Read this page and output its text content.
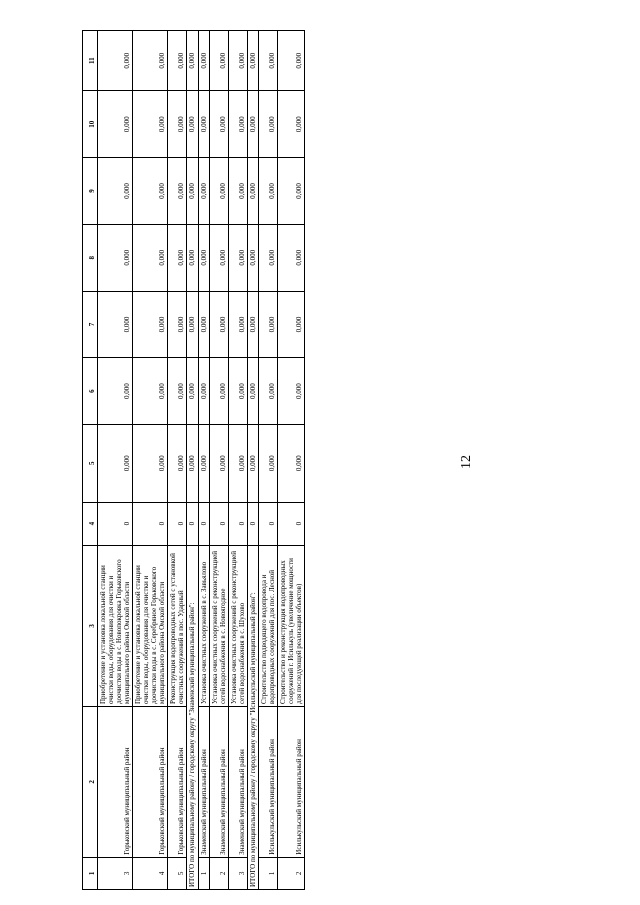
12
1	2	3	4	5	6	7	8	9	10	11
3	Горьковский муниципальный район	Приобретение и установка локальной станции очистки воды, оборудования для очистки и доочистки воды в с. Новопокровка Горьковского муниципального района Омской области	0	0,000	0,000	0,000	0,000	0,000	0,000	0,000
4	Горьковский муниципальный район	Приобретение и установка локальной станции очистки воды, оборудования для очистки и доочистки воды в с. Серебряное Горьковского муниципального района Омской области	0	0,000	0,000	0,000	0,000	0,000	0,000	0,000
5	Горьковский муниципальный район	Реконструкция водопроводных сетей с установкой очистных сооружений в пос. Ударный	0	0,000	0,000	0,000	0,000	0,000	0,000	0,000
ИТОГО по муниципальному району / городскому округу "Знаменский муниципальный район":			0	0,000	0,000	0,000	0,000	0,000	0,000	0,000
1	Знаменский муниципальный район	Установка очистных сооружений в с. Завьялово	0	0,000	0,000	0,000	0,000	0,000	0,000	0,000
2	Знаменский муниципальный район	Установка очистных сооружений с реконструкцией сетей водоснабжения в с. Новоягодное	0	0,000	0,000	0,000	0,000	0,000	0,000	0,000
3	Знаменский муниципальный район	Установка очистных сооружений с реконструкцией сетей водоснабжения в с. Шухово	0	0,000	0,000	0,000	0,000	0,000	0,000	0,000
ИТОГО по муниципальному району / городскому округу "Исилькульский муниципальный район":			0	0,000	0,000	0,000	0,000	0,000	0,000	0,000
1	Исилькульский муниципальный район	Строительство подводящего водопровода и водопроводных сооружений для пос. Лесной	0	0,000	0,000	0,000	0,000	0,000	0,000	0,000
2	Исилькульский муниципальный район	Строительство и реконструкция водопроводных сооружений г. Исилькуль (увеличение мощности для последующей реализации объектов)	0	0,000	0,000	0,000	0,000	0,000	0,000	0,000
